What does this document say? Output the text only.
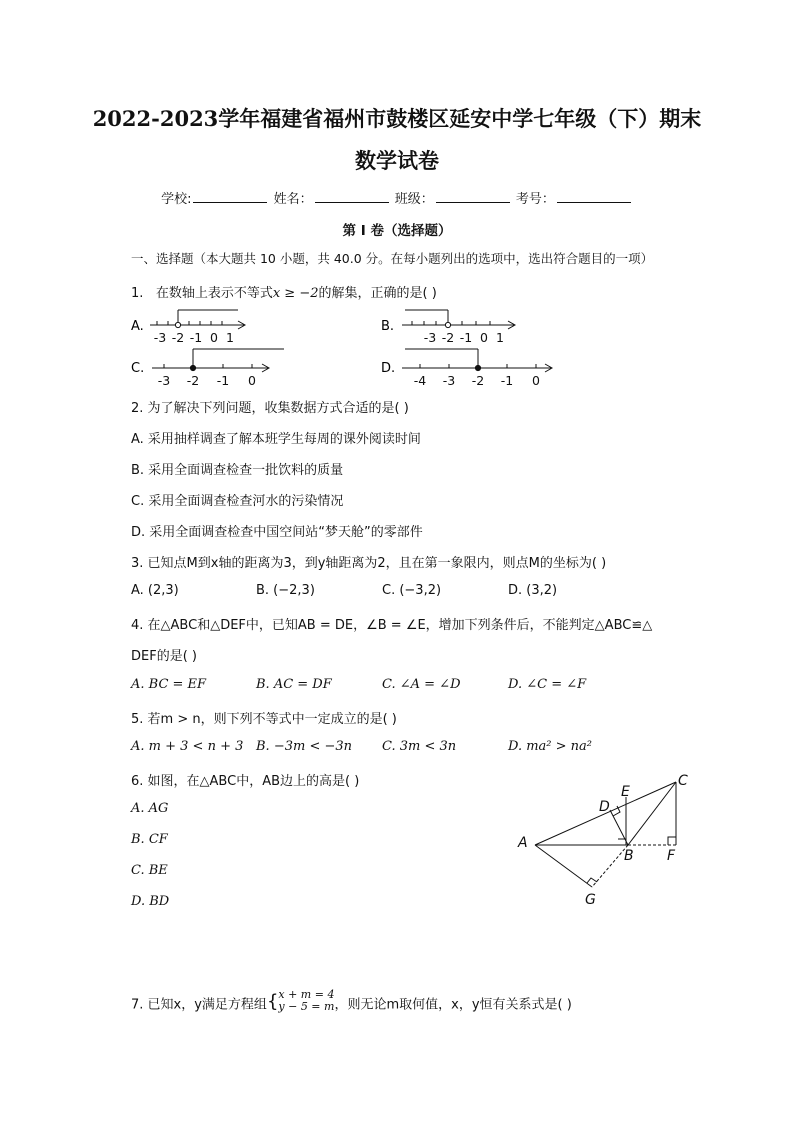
2022-2023学年福建省福州市鼓楼区延安中学七年级（下）期末
数学试卷
学校:	姓名：	班级：	考号：
第 I 卷（选择题）
一、选择题（本大题共 10 小题，共 40.0 分。在每小题列出的选项中，选出符合题目的一项）
1. 在数轴上表示不等式x ≥ −2的解集，正确的是( )
A.
-3 -2 -1 0 1
B.
-3 -2 -1 0 1
C.
-3 -2 -1 0
D.
-4 -3 -2 -1 0
2. 为了解决下列问题，收集数据方式合适的是( )
A. 采用抽样调查了解本班学生每周的课外阅读时间
B. 采用全面调查检查一批饮料的质量
C. 采用全面调查检查河水的污染情况
D. 采用全面调查检查中国空间站“梦天舱”的零部件
3. 已知点M到x轴的距离为3，到y轴距离为2，且在第一象限内，则点M的坐标为( )
A. (2,3)	B. (−2,3)	C. (−3,2)	D. (3,2)
4. 在△ABC和△DEF中，已知AB = DE，∠B = ∠E，增加下列条件后，不能判定△ABC≌△
DEF的是( )
A. BC = EF	B. AC = DF	C. ∠A = ∠D	D. ∠C = ∠F
5. 若m > n，则下列不等式中一定成立的是( )
A. m + 3 < n + 3 B. −3m < −3n C. 3m < 3n	D. ma² > na²
6. 如图，在△ABC中，AB边上的高是( )
A. AG
B. CF
C. BE
D. BD
A
B
C
D
E
F
G
7. 已知x，y满足方程组{x + m = 4
y − 5 = m，则无论m取何值，x，y恒有关系式是( )
